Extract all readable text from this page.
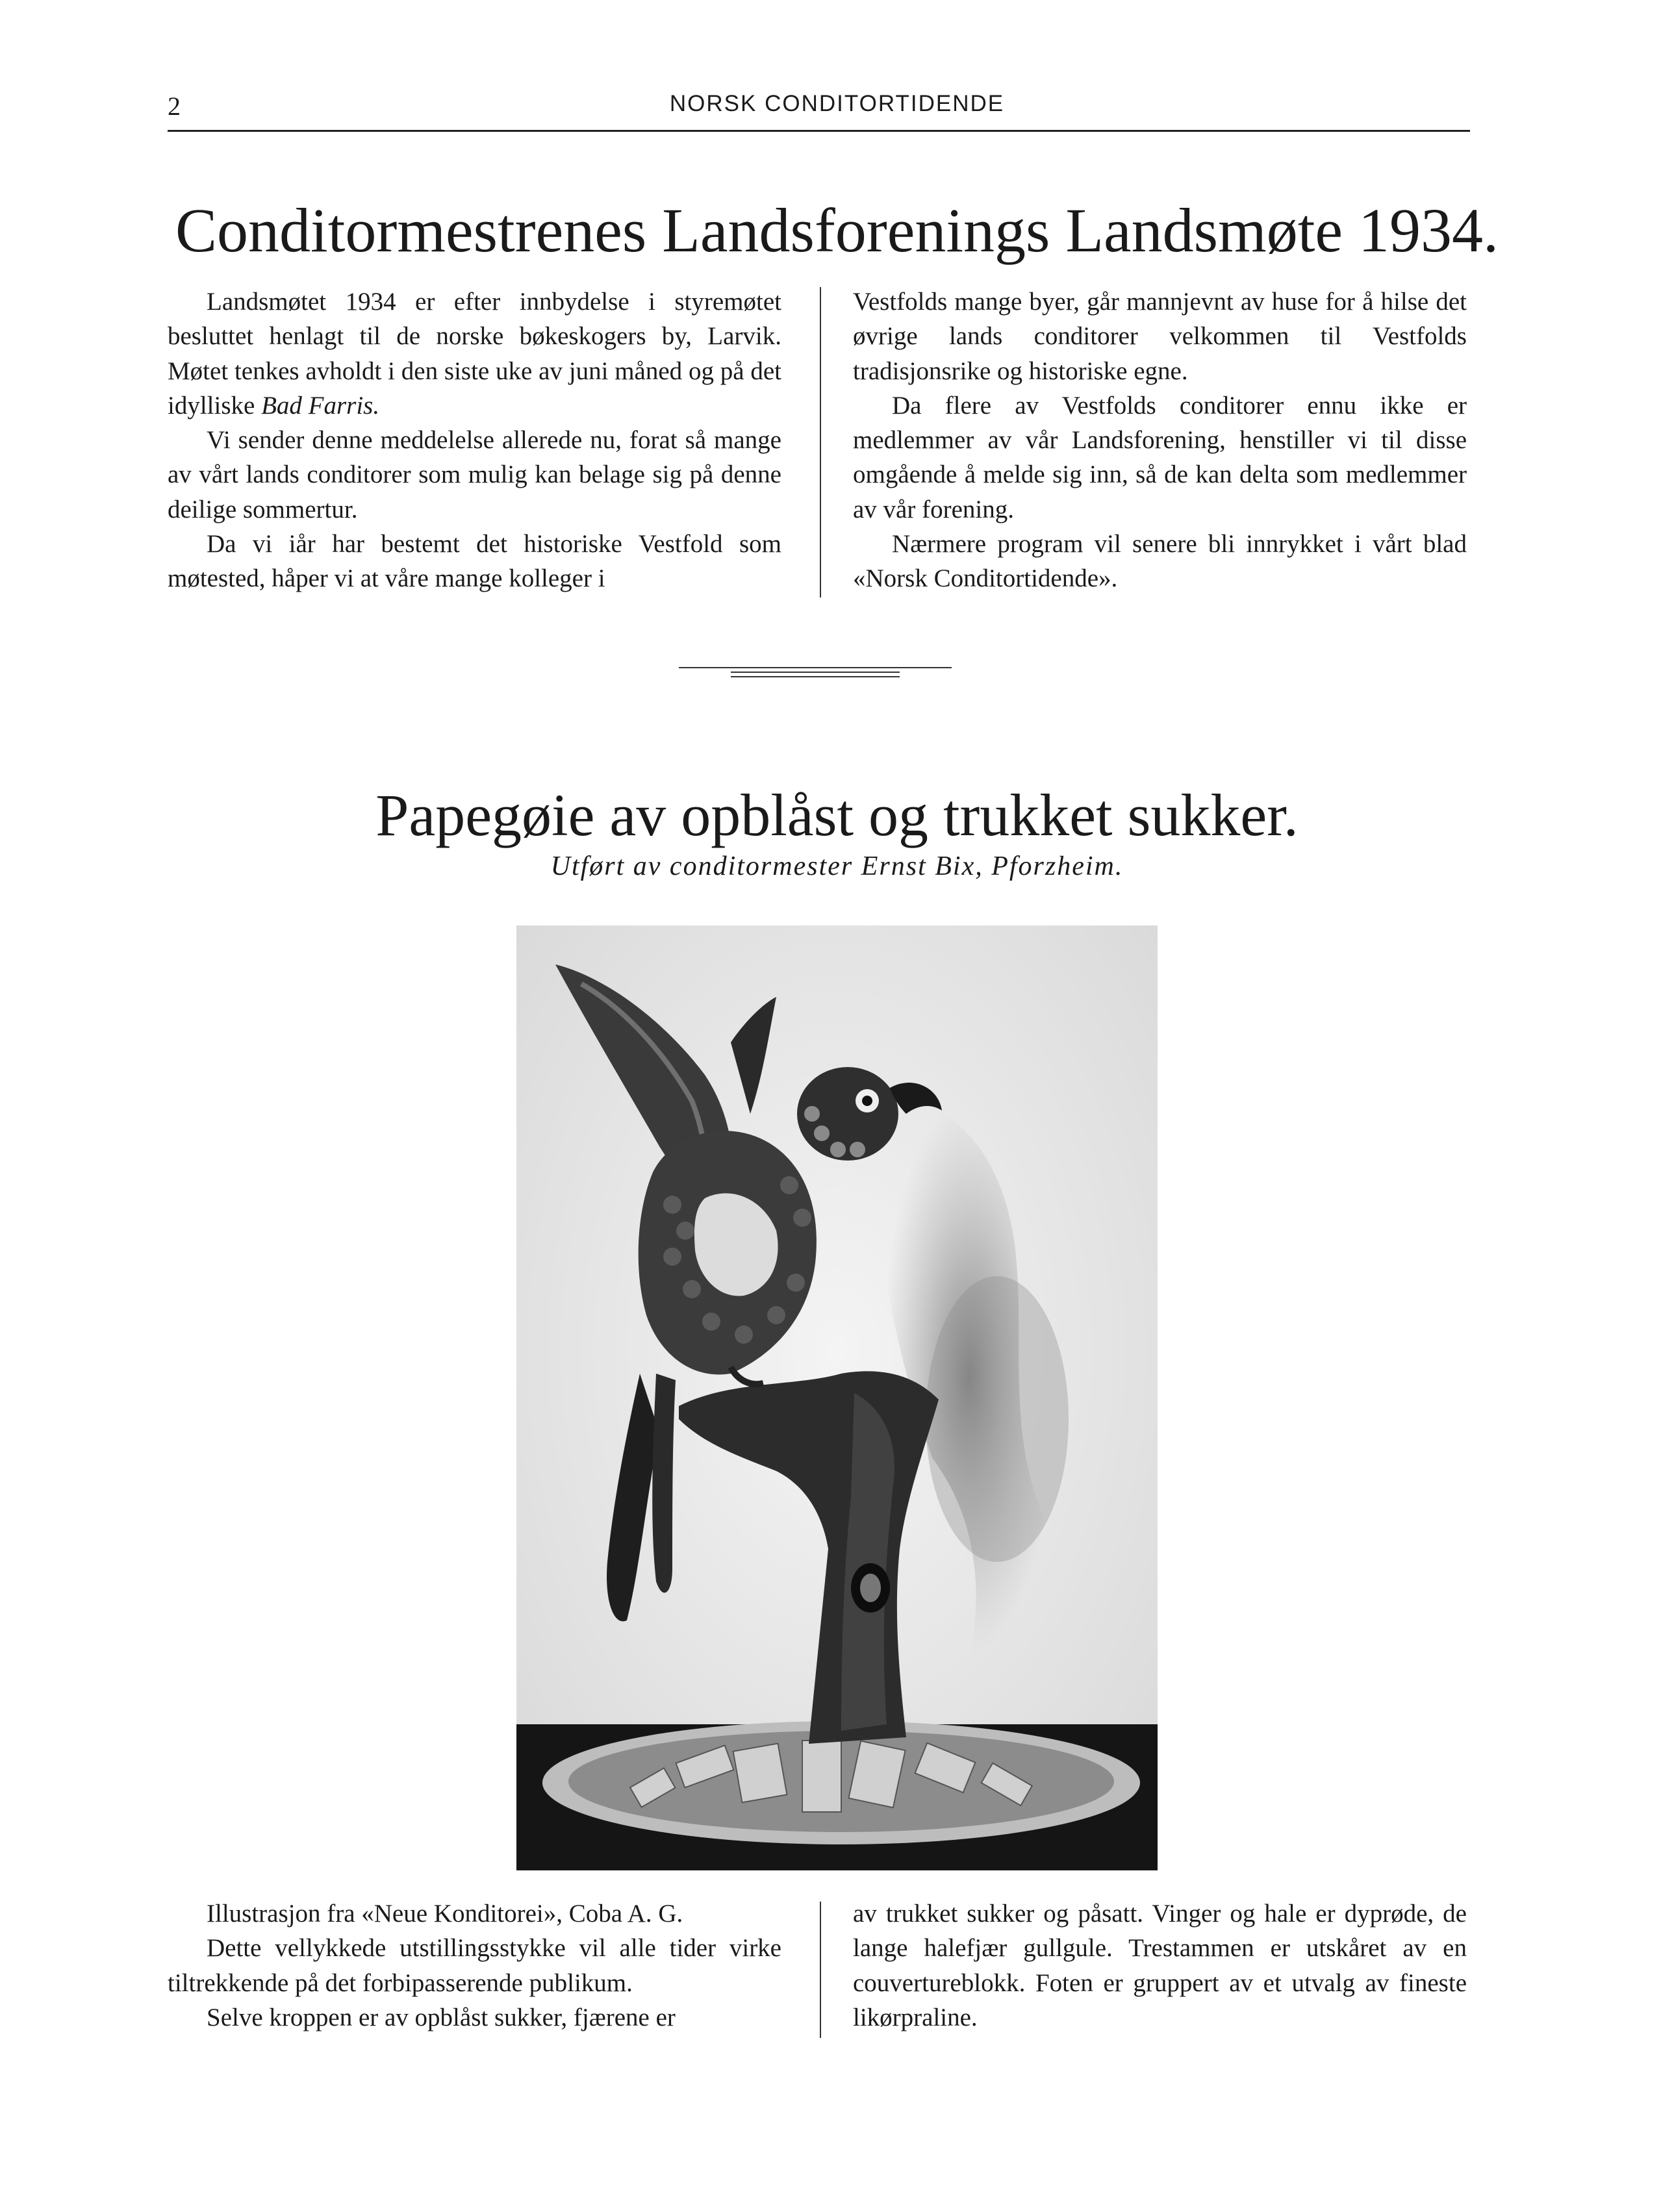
2	NORSK CONDITORTIDENDE
Conditormestrenes Landsforenings Landsmøte 1934.

Landsmøtet 1934 er efter innbydelse i styremøtet besluttet henlagt til de norske bøkeskogers by, Larvik. Møtet tenkes avholdt i den siste uke av juni måned og på det idylliske Bad Farris.

Vi sender denne meddelelse allerede nu, forat så mange av vårt lands conditorer som mulig kan belage sig på denne deilige sommertur.

Da vi iår har bestemt det historiske Vestfold som møtested, håper vi at våre mange kolleger i

Vestfolds mange byer, går mannjevnt av huse for å hilse det øvrige lands conditorer velkommen til Vestfolds tradisjonsrike og historiske egne.

Da flere av Vestfolds conditorer ennu ikke er medlemmer av vår Landsforening, henstiller vi til disse omgående å melde sig inn, så de kan delta som medlemmer av vår forening.

Nærmere program vil senere bli innrykket i vårt blad «Norsk Conditortidende».

Papegøie av opblåst og trukket sukker.
Utført av conditormester Ernst Bix, Pforzheim.

Illustrasjon fra «Neue Konditorei», Coba A. G.

Dette vellykkede utstillingsstykke vil alle tider virke tiltrekkende på det forbipasserende publikum.

Selve kroppen er av opblåst sukker, fjærene er

av trukket sukker og påsatt. Vinger og hale er dyprøde, de lange halefjær gullgule. Trestammen er utskåret av en couvertureblokk. Foten er gruppert av et utvalg av fineste likørpraline.
